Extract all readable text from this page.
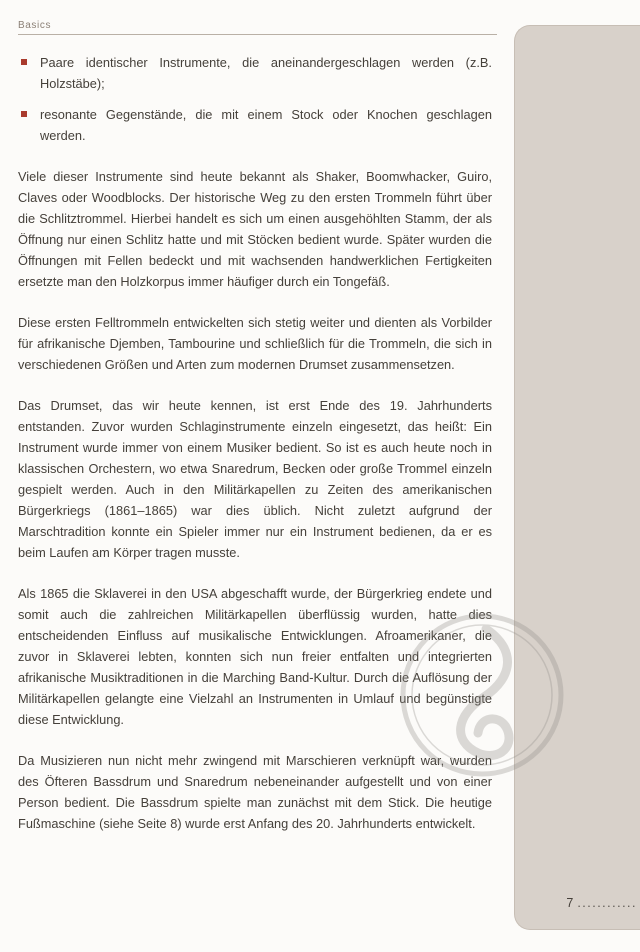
Basics
Paare identischer Instrumente, die aneinandergeschlagen werden (z.B. Holzstäbe);
resonante Gegenstände, die mit einem Stock oder Knochen geschlagen werden.

Viele dieser Instrumente sind heute bekannt als Shaker, Boomwhacker, Guiro, Claves oder Woodblocks. Der historische Weg zu den ersten Trommeln führt über die Schlitztrommel. Hierbei handelt es sich um einen ausgehöhlten Stamm, der als Öffnung nur einen Schlitz hatte und mit Stöcken bedient wurde. Später wurden die Öffnungen mit Fellen bedeckt und mit wachsenden handwerklichen Fertigkeiten ersetzte man den Holzkorpus immer häufiger durch ein Tongefäß.

Diese ersten Felltrommeln entwickelten sich stetig weiter und dienten als Vorbilder für afrikanische Djemben, Tambourine und schließlich für die Trommeln, die sich in verschiedenen Größen und Arten zum modernen Drumset zusammensetzen.

Das Drumset, das wir heute kennen, ist erst Ende des 19. Jahrhunderts entstanden. Zuvor wurden Schlaginstrumente einzeln eingesetzt, das heißt: Ein Instrument wurde immer von einem Musiker bedient. So ist es auch heute noch in klassischen Orchestern, wo etwa Snaredrum, Becken oder große Trommel einzeln gespielt werden. Auch in den Militärkapellen zu Zeiten des amerikanischen Bürgerkriegs (1861–1865) war dies üblich. Nicht zuletzt aufgrund der Marschtradition konnte ein Spieler immer nur ein Instrument bedienen, da er es beim Laufen am Körper tragen musste.

Als 1865 die Sklaverei in den USA abgeschafft wurde, der Bürgerkrieg endete und somit auch die zahlreichen Militärkapellen überflüssig wurden, hatte dies entscheidenden Einfluss auf musikalische Entwicklungen. Afroamerikaner, die zuvor in Sklaverei lebten, konnten sich nun freier entfalten und integrierten afrikanische Musiktraditionen in die Marching Band-Kultur. Durch die Auflösung der Militärkapellen gelangte eine Vielzahl an Instrumenten in Umlauf und begünstigte diese Entwicklung.

Da Musizieren nun nicht mehr zwingend mit Marschieren verknüpft war, wurden des Öfteren Bassdrum und Snaredrum nebeneinander aufgestellt und von einer Person bedient. Die Bassdrum spielte man zunächst mit dem Stick. Die heutige Fußmaschine (siehe Seite 8) wurde erst Anfang des 20. Jahrhunderts entwickelt.

7 ............
